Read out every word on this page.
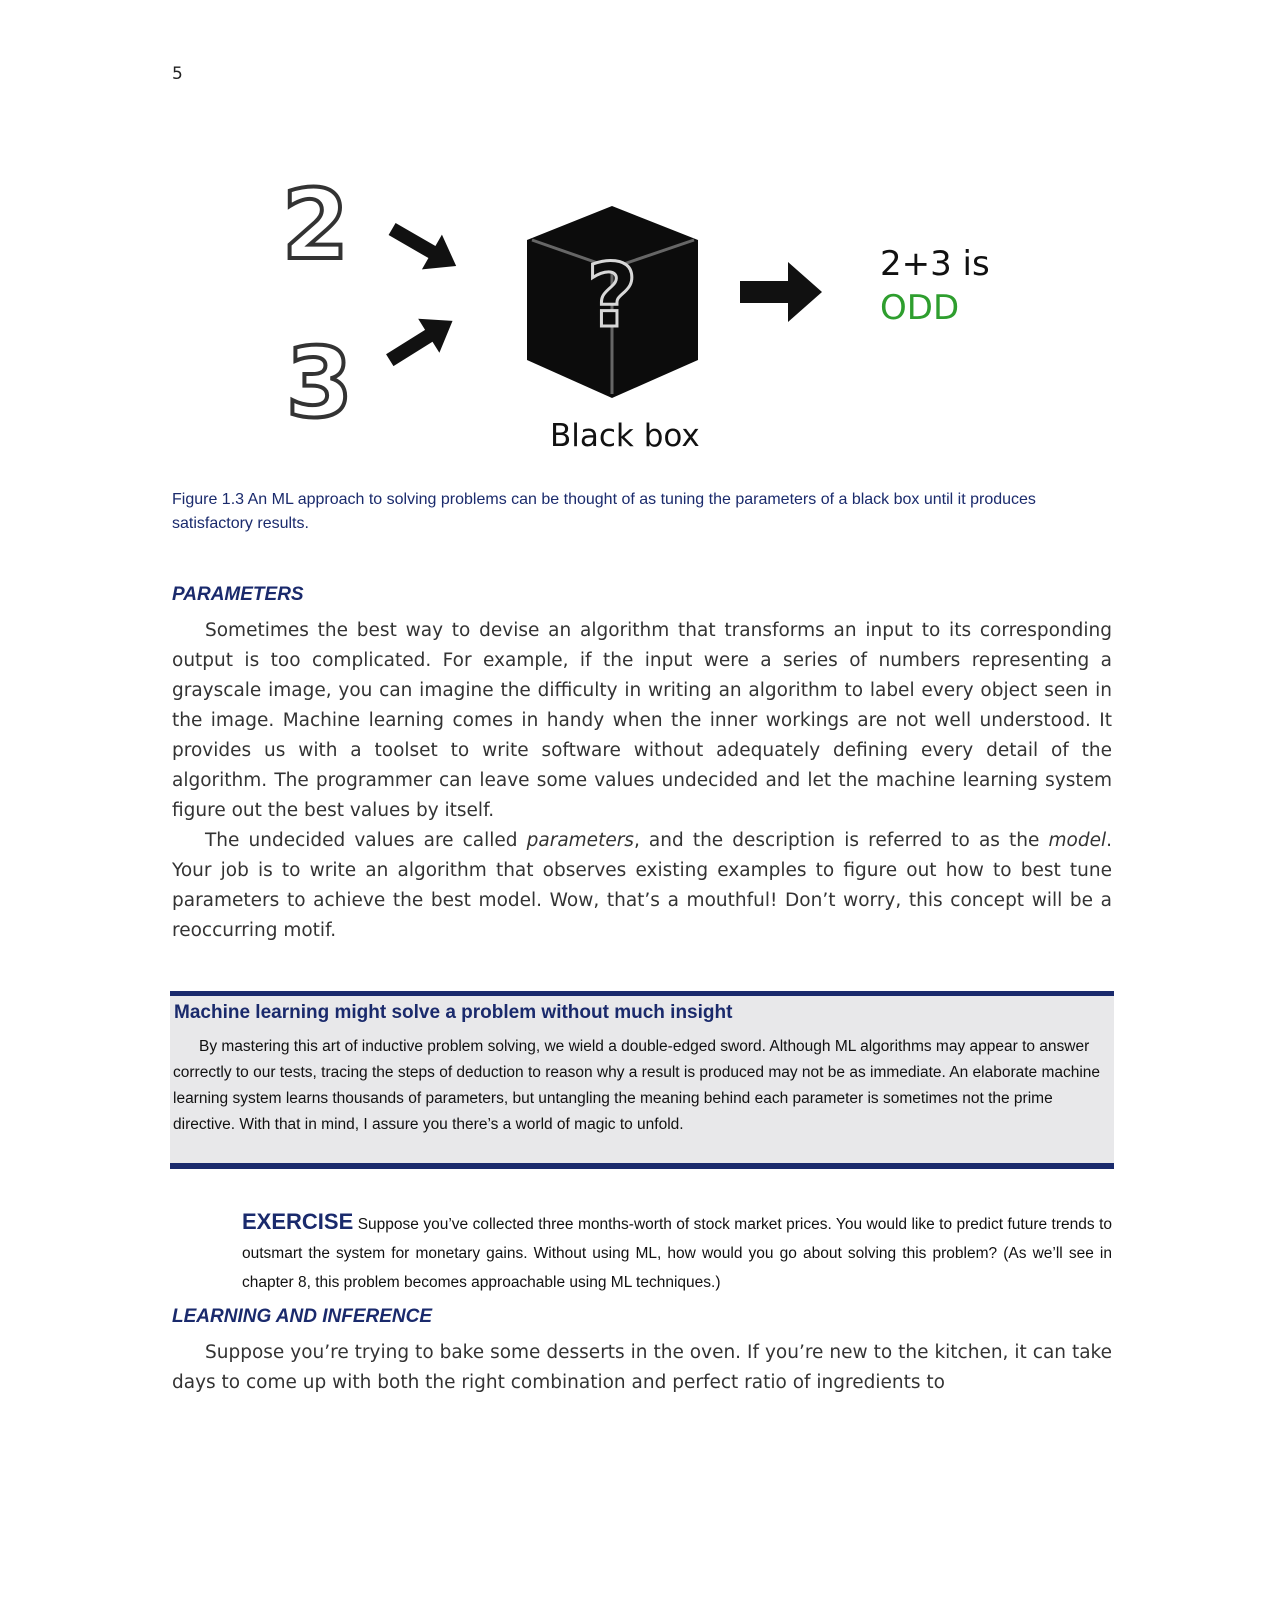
5
2
3
?	2+3 is
ODD
Black box
Figure 1.3 An ML approach to solving problems can be thought of as tuning the parameters of a black box until it produces satisfactory results.
PARAMETERS

Sometimes the best way to devise an algorithm that transforms an input to its corresponding output is too complicated. For example, if the input were a series of numbers representing a grayscale image, you can imagine the difficulty in writing an algorithm to label every object seen in the image. Machine learning comes in handy when the inner workings are not well understood. It provides us with a toolset to write software without adequately defining every detail of the algorithm. The programmer can leave some values undecided and let the machine learning system figure out the best values by itself.

The undecided values are called parameters, and the description is referred to as the model. Your job is to write an algorithm that observes existing examples to figure out how to best tune parameters to achieve the best model. Wow, that’s a mouthful! Don’t worry, this concept will be a reoccurring motif.

Machine learning might solve a problem without much insight
By mastering this art of inductive problem solving, we wield a double-edged sword. Although ML algorithms may appear to answer correctly to our tests, tracing the steps of deduction to reason why a result is produced may not be as immediate. An elaborate machine learning system learns thousands of parameters, but untangling the meaning behind each parameter is sometimes not the prime directive. With that in mind, I assure you there’s a world of magic to unfold.
EXERCISE Suppose you’ve collected three months-worth of stock market prices. You would like to predict future trends to outsmart the system for monetary gains. Without using ML, how would you go about solving this problem? (As we’ll see in chapter 8, this problem becomes approachable using ML techniques.)
LEARNING AND INFERENCE

Suppose you’re trying to bake some desserts in the oven. If you’re new to the kitchen, it can take days to come up with both the right combination and perfect ratio of ingredients to
